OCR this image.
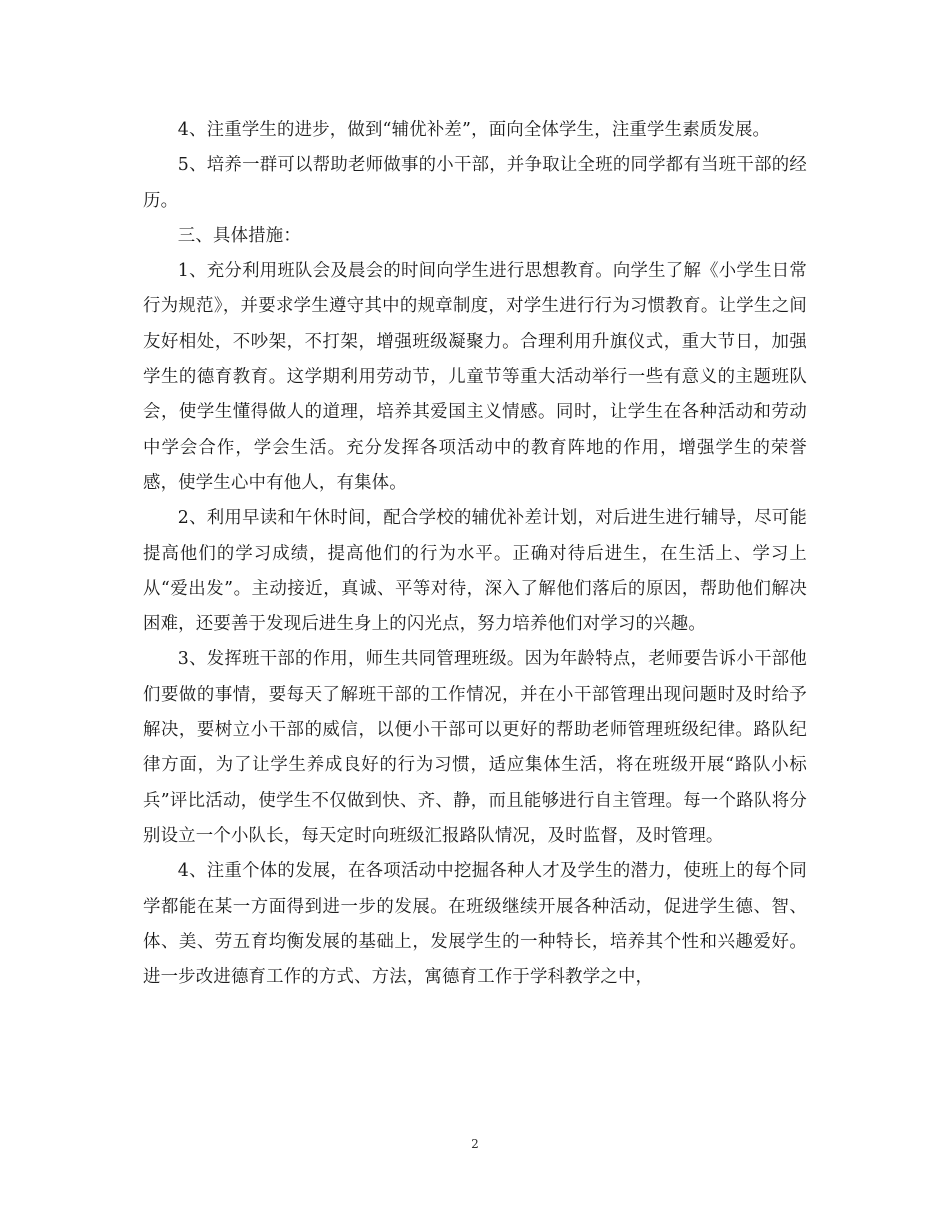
4、注重学生的进步，做到“辅优补差”，面向全体学生，注重学生素质发展。

5、培养一群可以帮助老师做事的小干部，并争取让全班的同学都有当班干部的经历。

三、具体措施：

1、充分利用班队会及晨会的时间向学生进行思想教育。向学生了解《小学生日常行为规范》，并要求学生遵守其中的规章制度，对学生进行行为习惯教育。让学生之间友好相处，不吵架，不打架，增强班级凝聚力。合理利用升旗仪式，重大节日，加强学生的德育教育。这学期利用劳动节，儿童节等重大活动举行一些有意义的主题班队会，使学生懂得做人的道理，培养其爱国主义情感。同时，让学生在各种活动和劳动中学会合作，学会生活。充分发挥各项活动中的教育阵地的作用，增强学生的荣誉感，使学生心中有他人，有集体。

2、利用早读和午休时间，配合学校的辅优补差计划，对后进生进行辅导，尽可能提高他们的学习成绩，提高他们的行为水平。正确对待后进生，在生活上、学习上从“爱出发”。主动接近，真诚、平等对待，深入了解他们落后的原因，帮助他们解决困难，还要善于发现后进生身上的闪光点，努力培养他们对学习的兴趣。

3、发挥班干部的作用，师生共同管理班级。因为年龄特点，老师要告诉小干部他们要做的事情，要每天了解班干部的工作情况，并在小干部管理出现问题时及时给予解决，要树立小干部的威信，以便小干部可以更好的帮助老师管理班级纪律。路队纪律方面，为了让学生养成良好的行为习惯，适应集体生活，将在班级开展“路队小标兵”评比活动，使学生不仅做到快、齐、静，而且能够进行自主管理。每一个路队将分别设立一个小队长，每天定时向班级汇报路队情况，及时监督，及时管理。

4、注重个体的发展，在各项活动中挖掘各种人才及学生的潜力，使班上的每个同学都能在某一方面得到进一步的发展。在班级继续开展各种活动，促进学生德、智、体、美、劳五育均衡发展的基础上，发展学生的一种特长，培养其个性和兴趣爱好。进一步改进德育工作的方式、方法，寓德育工作于学科教学之中，

2
